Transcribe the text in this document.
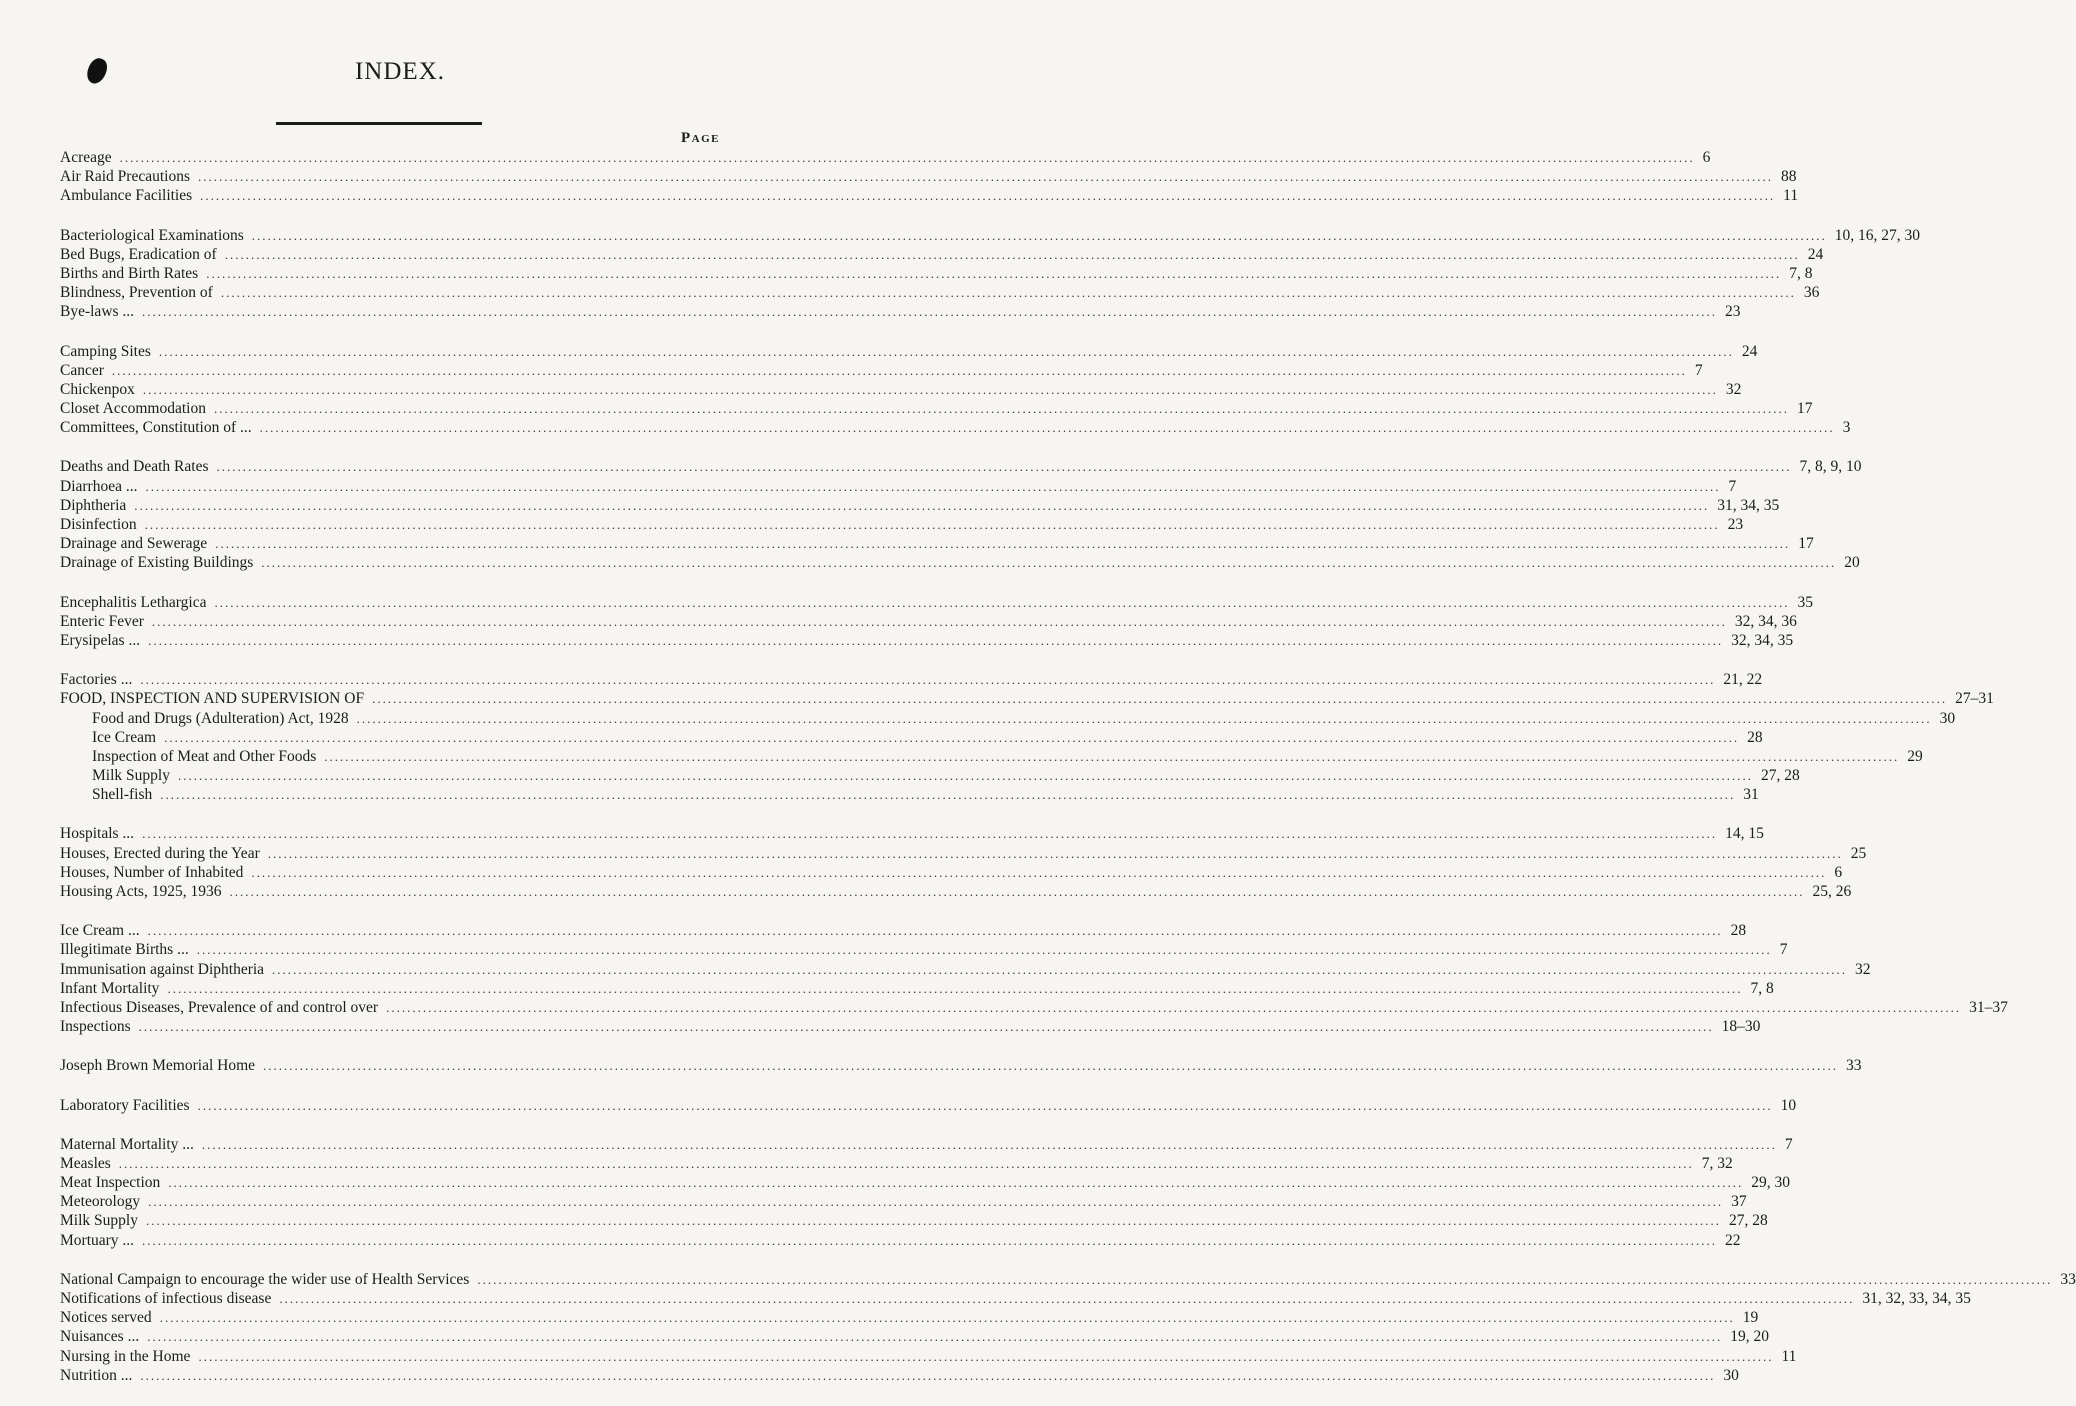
INDEX.
Page
Acreage ............................................................................................................................................................................................................................................................................................................ 6
Air Raid Precautions ............................................................................................................................................................................................................................................................................................................ 88
Ambulance Facilities ............................................................................................................................................................................................................................................................................................................ 11
Bacteriological Examinations ............................................................................................................................................................................................................................................................................................................ 10, 16, 27, 30
Bed Bugs, Eradication of ............................................................................................................................................................................................................................................................................................................ 24
Births and Birth Rates ............................................................................................................................................................................................................................................................................................................ 7, 8
Blindness, Prevention of ............................................................................................................................................................................................................................................................................................................ 36
Bye-laws ... ............................................................................................................................................................................................................................................................................................................ 23
Camping Sites ............................................................................................................................................................................................................................................................................................................ 24
Cancer ............................................................................................................................................................................................................................................................................................................ 7
Chickenpox ............................................................................................................................................................................................................................................................................................................ 32
Closet Accommodation ............................................................................................................................................................................................................................................................................................................ 17
Committees, Constitution of ... ............................................................................................................................................................................................................................................................................................................ 3
Deaths and Death Rates ............................................................................................................................................................................................................................................................................................................ 7, 8, 9, 10
Diarrhoea ... ............................................................................................................................................................................................................................................................................................................ 7
Diphtheria ............................................................................................................................................................................................................................................................................................................ 31, 34, 35
Disinfection ............................................................................................................................................................................................................................................................................................................ 23
Drainage and Sewerage ............................................................................................................................................................................................................................................................................................................ 17
Drainage of Existing Buildings ............................................................................................................................................................................................................................................................................................................ 20
Encephalitis Lethargica ............................................................................................................................................................................................................................................................................................................ 35
Enteric Fever ............................................................................................................................................................................................................................................................................................................ 32, 34, 36
Erysipelas ... ............................................................................................................................................................................................................................................................................................................ 32, 34, 35
Factories ... ............................................................................................................................................................................................................................................................................................................ 21, 22
FOOD, INSPECTION AND SUPERVISION OF ............................................................................................................................................................................................................................................................................................................ 27–31
Food and Drugs (Adulteration) Act, 1928 ............................................................................................................................................................................................................................................................................................................ 30
Ice Cream ............................................................................................................................................................................................................................................................................................................ 28
Inspection of Meat and Other Foods ............................................................................................................................................................................................................................................................................................................ 29
Milk Supply ............................................................................................................................................................................................................................................................................................................ 27, 28
Shell-fish ............................................................................................................................................................................................................................................................................................................ 31
Hospitals ... ............................................................................................................................................................................................................................................................................................................ 14, 15
Houses, Erected during the Year ............................................................................................................................................................................................................................................................................................................ 25
Houses, Number of Inhabited ............................................................................................................................................................................................................................................................................................................ 6
Housing Acts, 1925, 1936 ............................................................................................................................................................................................................................................................................................................ 25, 26
Ice Cream ... ............................................................................................................................................................................................................................................................................................................ 28
Illegitimate Births ... ............................................................................................................................................................................................................................................................................................................ 7
Immunisation against Diphtheria ............................................................................................................................................................................................................................................................................................................ 32
Infant Mortality ............................................................................................................................................................................................................................................................................................................ 7, 8
Infectious Diseases, Prevalence of and control over ............................................................................................................................................................................................................................................................................................................ 31–37
Inspections ............................................................................................................................................................................................................................................................................................................ 18–30
Joseph Brown Memorial Home ............................................................................................................................................................................................................................................................................................................ 33
Laboratory Facilities ............................................................................................................................................................................................................................................................................................................ 10
Maternal Mortality ... ............................................................................................................................................................................................................................................................................................................ 7
Measles ............................................................................................................................................................................................................................................................................................................ 7, 32
Meat Inspection ............................................................................................................................................................................................................................................................................................................ 29, 30
Meteorology ............................................................................................................................................................................................................................................................................................................ 37
Milk Supply ............................................................................................................................................................................................................................................................................................................ 27, 28
Mortuary ... ............................................................................................................................................................................................................................................................................................................ 22
National Campaign to encourage the wider use of Health Services ............................................................................................................................................................................................................................................................................................................ 33
Notifications of infectious disease ............................................................................................................................................................................................................................................................................................................ 31, 32, 33, 34, 35
Notices served ............................................................................................................................................................................................................................................................................................................ 19
Nuisances ... ............................................................................................................................................................................................................................................................................................................ 19, 20
Nursing in the Home ............................................................................................................................................................................................................................................................................................................ 11
Nutrition ... ............................................................................................................................................................................................................................................................................................................ 30
